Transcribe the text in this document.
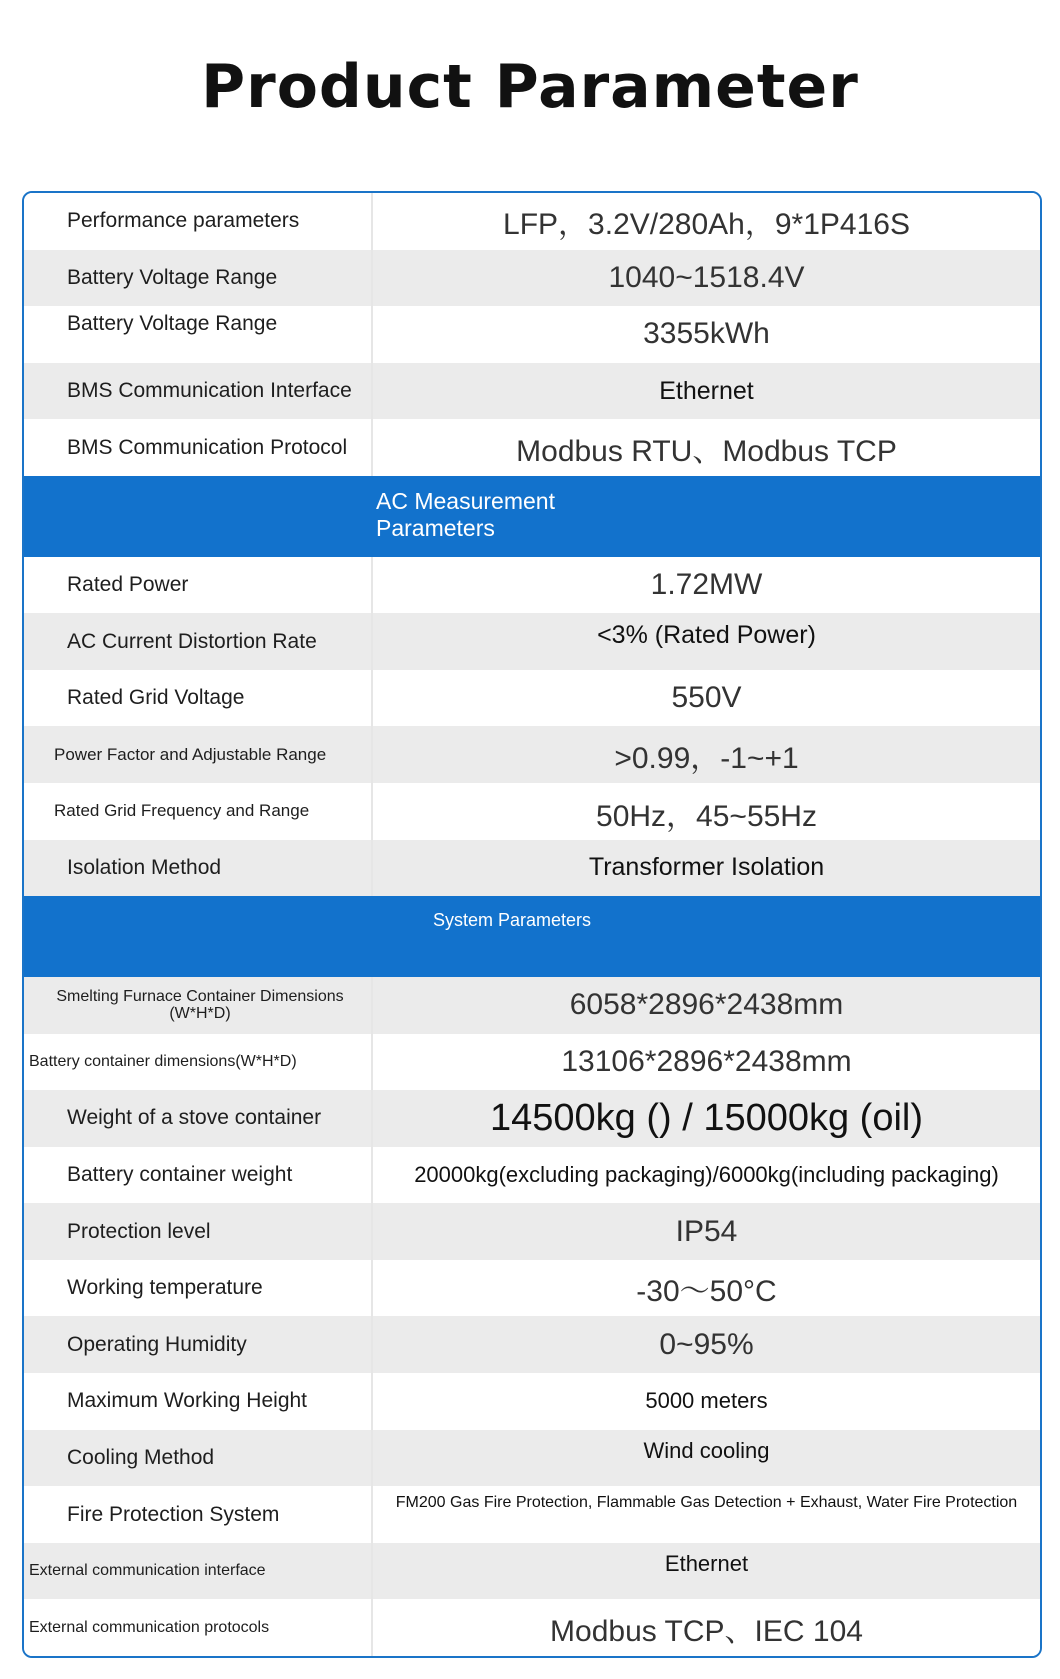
Product Parameter
Performance parameters	LFP，3.2V/280Ah，9*1P416S
Battery Voltage Range	1040~1518.4V
Battery Voltage Range	3355kWh
BMS Communication Interface	Ethernet
BMS Communication Protocol	Modbus RTU、Modbus TCP
AC Measurement Parameters
Rated Power	1.72MW
AC Current Distortion Rate	<3% (Rated Power)
Rated Grid Voltage	550V
Power Factor and Adjustable Range	>0.99，-1~+1
Rated Grid Frequency and Range	50Hz，45~55Hz
Isolation Method	Transformer Isolation
System Parameters
Smelting Furnace Container Dimensions (W*H*D)	6058*2896*2438mm
Battery container dimensions(W*H*D)	13106*2896*2438mm
Weight of a stove container	14500kg () / 15000kg (oil)
Battery container weight	20000kg(excluding packaging)/6000kg(including packaging)
Protection level	IP54
Working temperature	-30～50°C
Operating Humidity	0~95%
Maximum Working Height	5000 meters
Cooling Method	Wind cooling
Fire Protection System	FM200 Gas Fire Protection, Flammable Gas Detection + Exhaust, Water Fire Protection
External communication interface	Ethernet
External communication protocols	Modbus TCP、IEC 104
